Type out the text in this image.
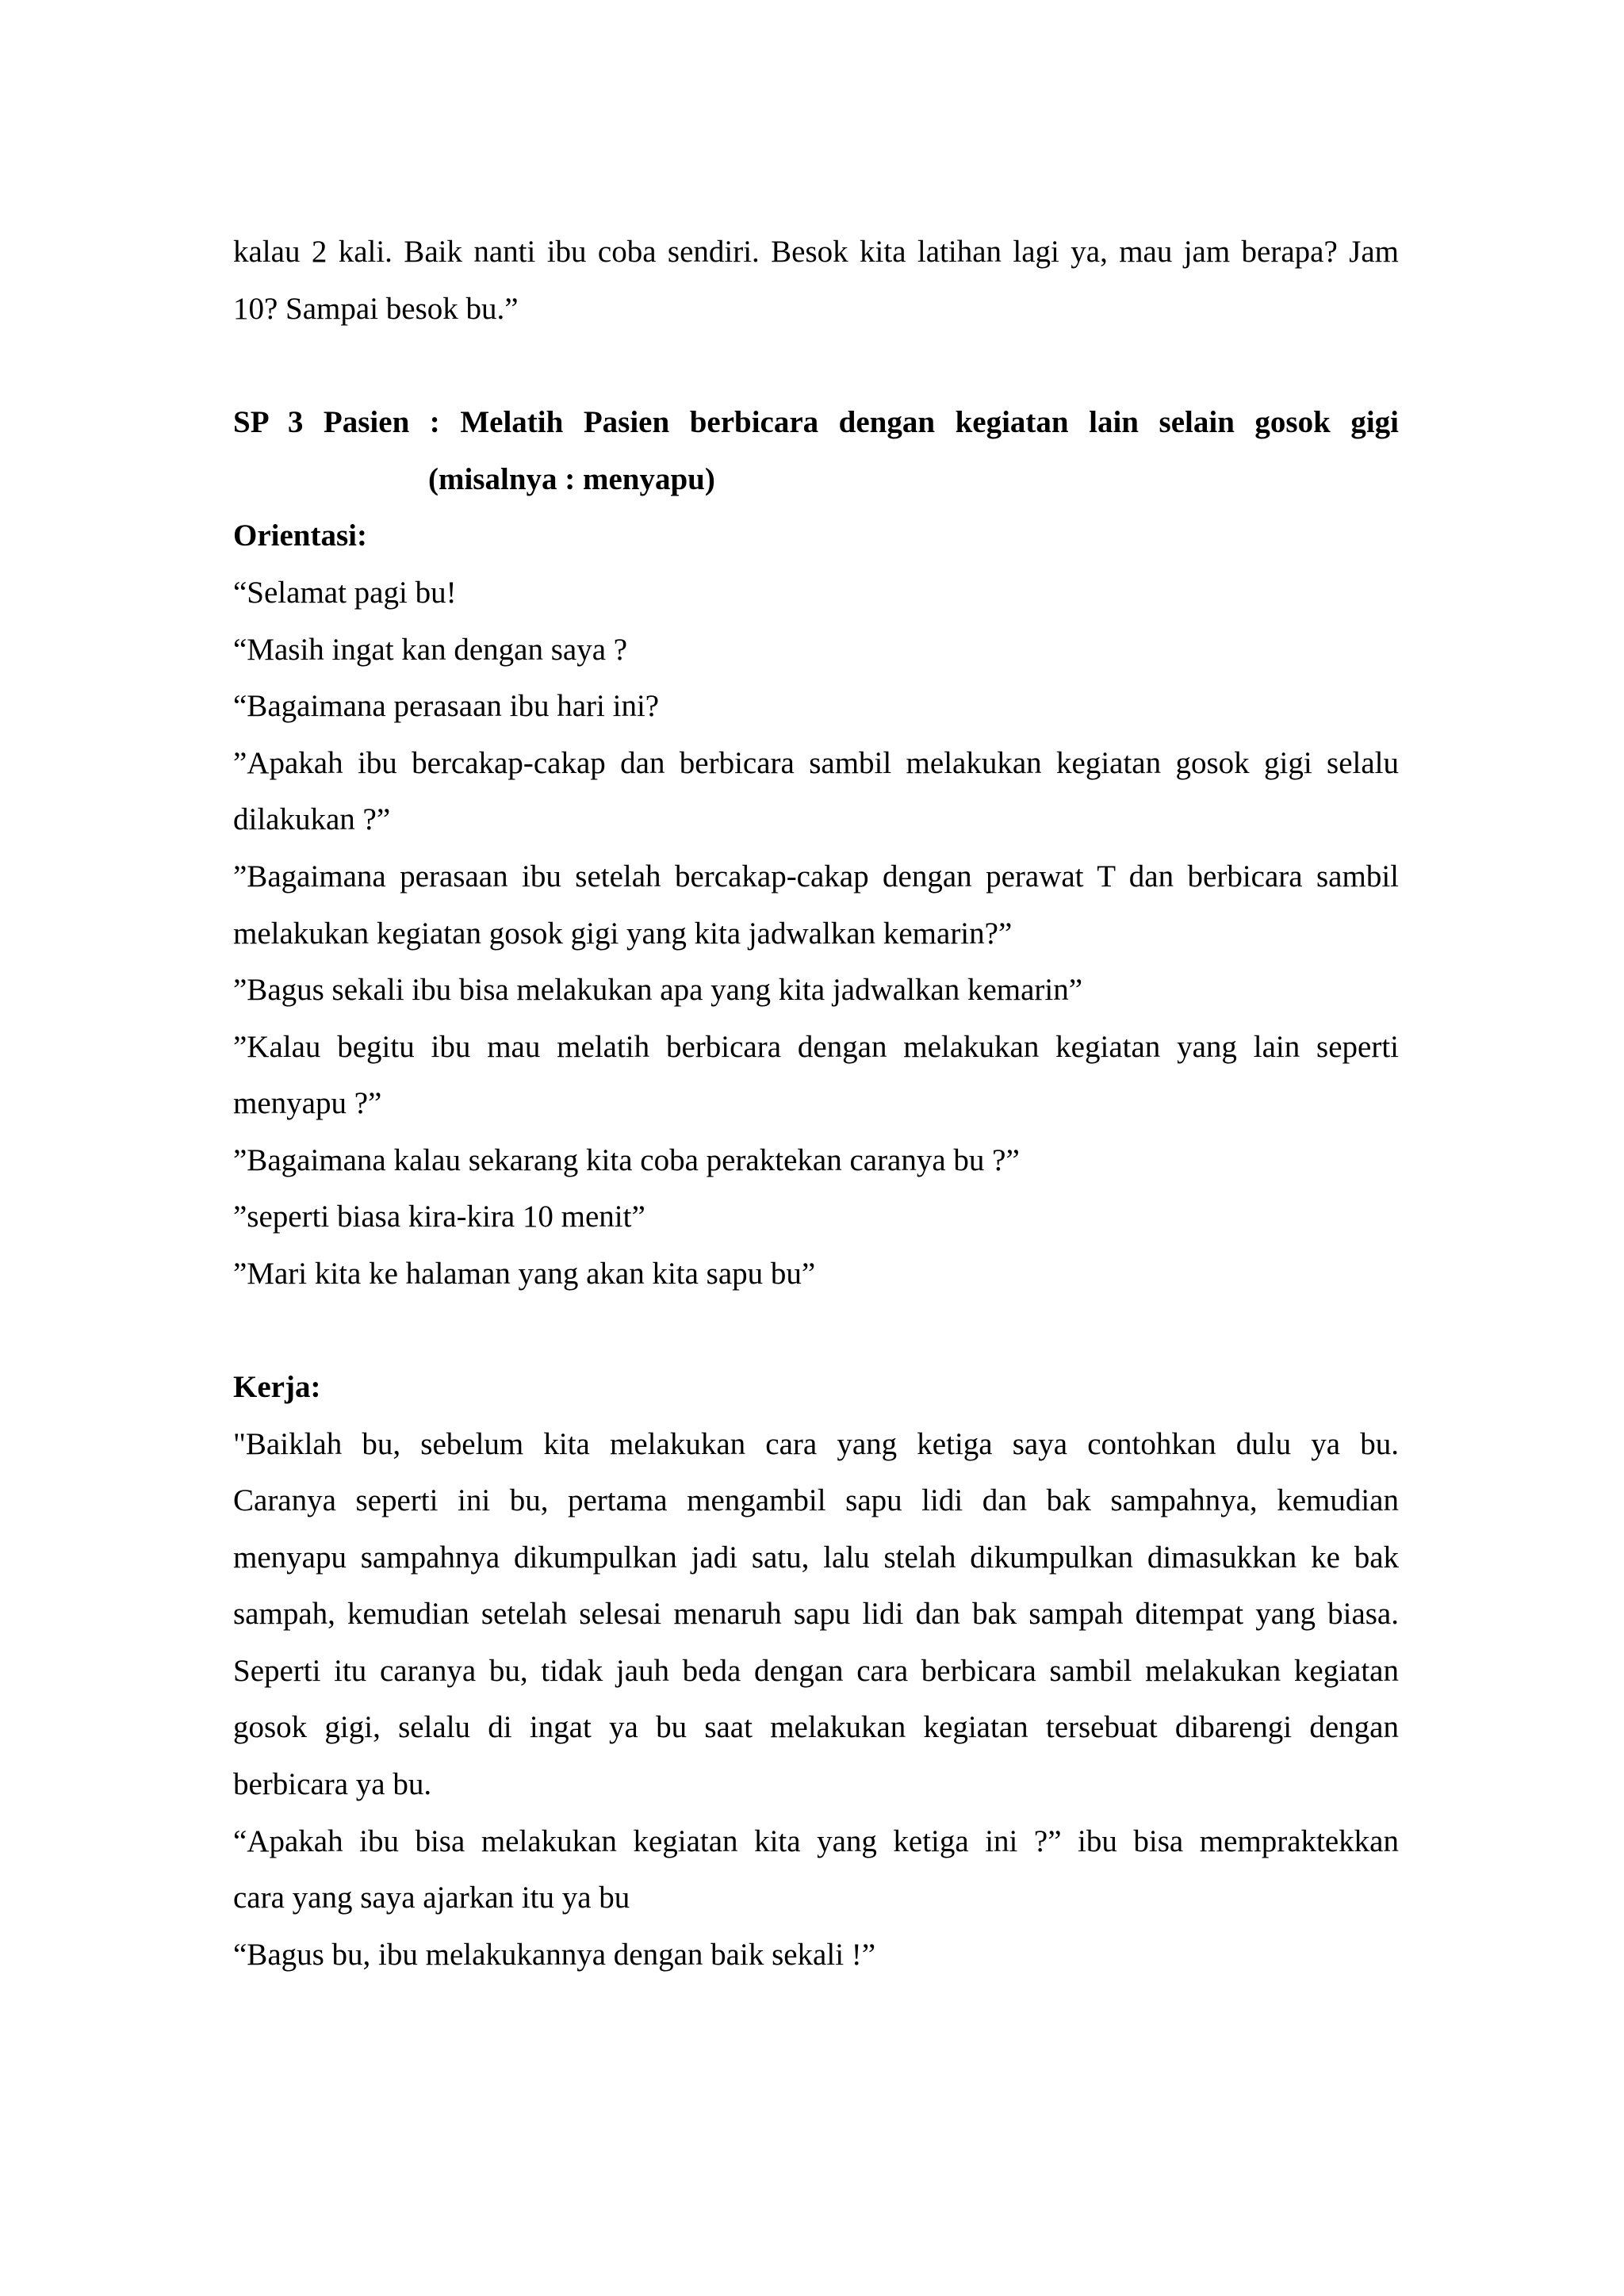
kalau 2 kali. Baik nanti ibu coba sendiri. Besok kita latihan lagi ya, mau jam berapa? Jam
10? Sampai besok bu.”
SP 3 Pasien : Melatih Pasien berbicara dengan kegiatan lain selain gosok gigi
(misalnya : menyapu)
Orientasi:
“Selamat pagi bu!
“Masih ingat kan dengan saya ?
“Bagaimana perasaan ibu hari ini?
”Apakah ibu bercakap-cakap dan berbicara sambil melakukan kegiatan gosok gigi selalu
dilakukan ?”
”Bagaimana perasaan ibu setelah bercakap-cakap dengan perawat T dan berbicara sambil
melakukan kegiatan gosok gigi yang kita jadwalkan kemarin?”
”Bagus sekali ibu bisa melakukan apa yang kita jadwalkan kemarin”
”Kalau begitu ibu mau melatih berbicara dengan melakukan kegiatan yang lain seperti
menyapu ?”
”Bagaimana kalau sekarang kita coba peraktekan caranya bu ?”
”seperti biasa kira-kira 10 menit”
”Mari kita ke halaman yang akan kita sapu bu”
Kerja:
"Baiklah bu, sebelum kita melakukan cara yang ketiga saya contohkan dulu ya bu.
Caranya seperti ini bu, pertama mengambil sapu lidi dan bak sampahnya, kemudian
menyapu sampahnya dikumpulkan jadi satu, lalu stelah dikumpulkan dimasukkan ke bak
sampah, kemudian setelah selesai menaruh sapu lidi dan bak sampah ditempat yang biasa.
Seperti itu caranya bu, tidak jauh beda dengan cara berbicara sambil melakukan kegiatan
gosok gigi, selalu di ingat ya bu saat melakukan kegiatan tersebuat dibarengi dengan
berbicara ya bu.
“Apakah ibu bisa melakukan kegiatan kita yang ketiga ini ?” ibu bisa mempraktekkan
cara yang saya ajarkan itu ya bu
“Bagus bu, ibu melakukannya dengan baik sekali !”
